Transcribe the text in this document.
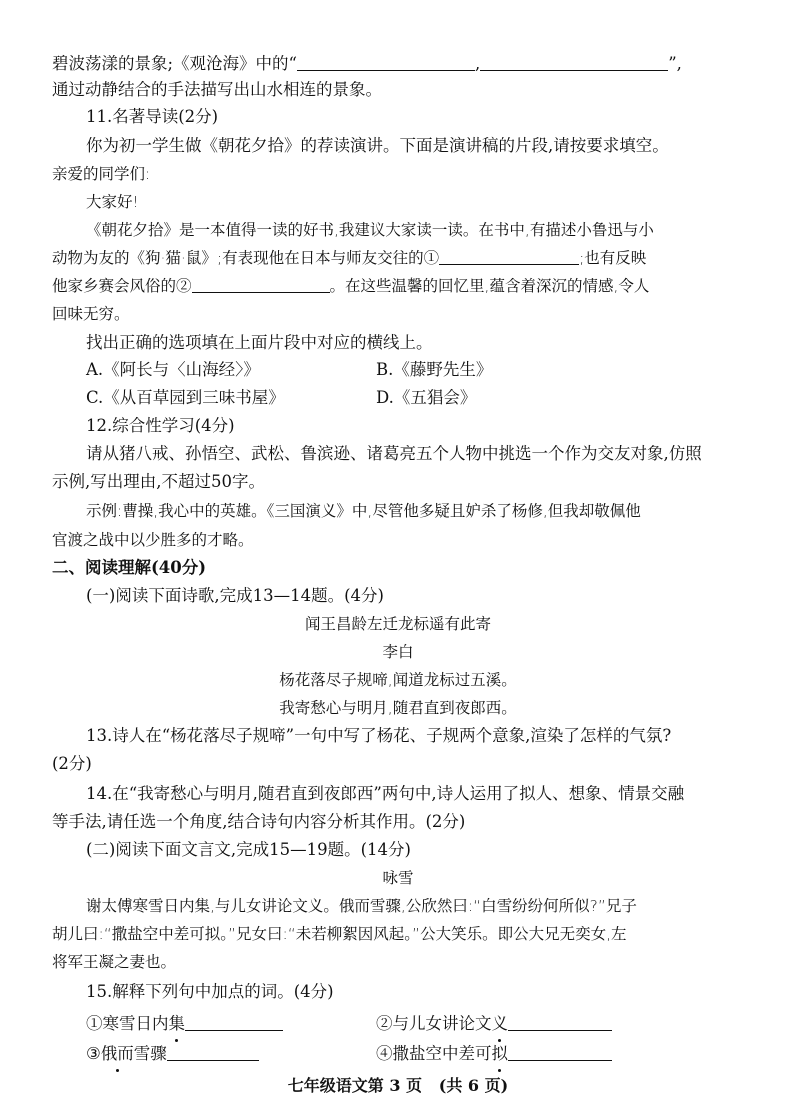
碧波荡漾的景象;《观沧海》中的“	,	”,
通过动静结合的手法描写出山水相连的景象。
11.名著导读(2分)
你为初一学生做《朝花夕拾》的荐读演讲。下面是演讲稿的片段,请按要求填空。
亲爱的同学们:
大家好!
《朝花夕拾》是一本值得一读的好书,我建议大家读一读。在书中,有描述小鲁迅与小
动物为友的《狗·猫·鼠》;有表现他在日本与师友交往的①	;也有反映
他家乡赛会风俗的②	。在这些温馨的回忆里,蕴含着深沉的情感,令人
回味无穷。
找出正确的选项填在上面片段中对应的横线上。
A.《阿长与〈山海经〉》	B.《藤野先生》
C.《从百草园到三味书屋》	D.《五猖会》
12.综合性学习(4分)
请从猪八戒、孙悟空、武松、鲁滨逊、诸葛亮五个人物中挑选一个作为交友对象,仿照
示例,写出理由,不超过50字。
示例:曹操,我心中的英雄。《三国演义》中,尽管他多疑且妒杀了杨修,但我却敬佩他
官渡之战中以少胜多的才略。
二、阅读理解(40分)
(一)阅读下面诗歌,完成13—14题。(4分)
闻王昌龄左迁龙标遥有此寄
李白
杨花落尽子规啼,闻道龙标过五溪。
我寄愁心与明月,随君直到夜郎西。
13.诗人在“杨花落尽子规啼”一句中写了杨花、子规两个意象,渲染了怎样的气氛?
(2分)
14.在“我寄愁心与明月,随君直到夜郎西”两句中,诗人运用了拟人、想象、情景交融
等手法,请任选一个角度,结合诗句内容分析其作用。(2分)
(二)阅读下面文言文,完成15—19题。(14分)
咏雪
谢太傅寒雪日内集,与儿女讲论文义。俄而雪骤,公欣然曰:“白雪纷纷何所似?”兄子
胡儿曰:“撒盐空中差可拟。”兄女曰:“未若柳絮因风起。”公大笑乐。即公大兄无奕女,左
将军王凝之妻也。
15.解释下列句中加点的词。(4分)
①寒雪日内集	②与儿女讲论文义
③俄而雪骤	④撒盐空中差可拟
七年级语文第 3 页 (共 6 页)
